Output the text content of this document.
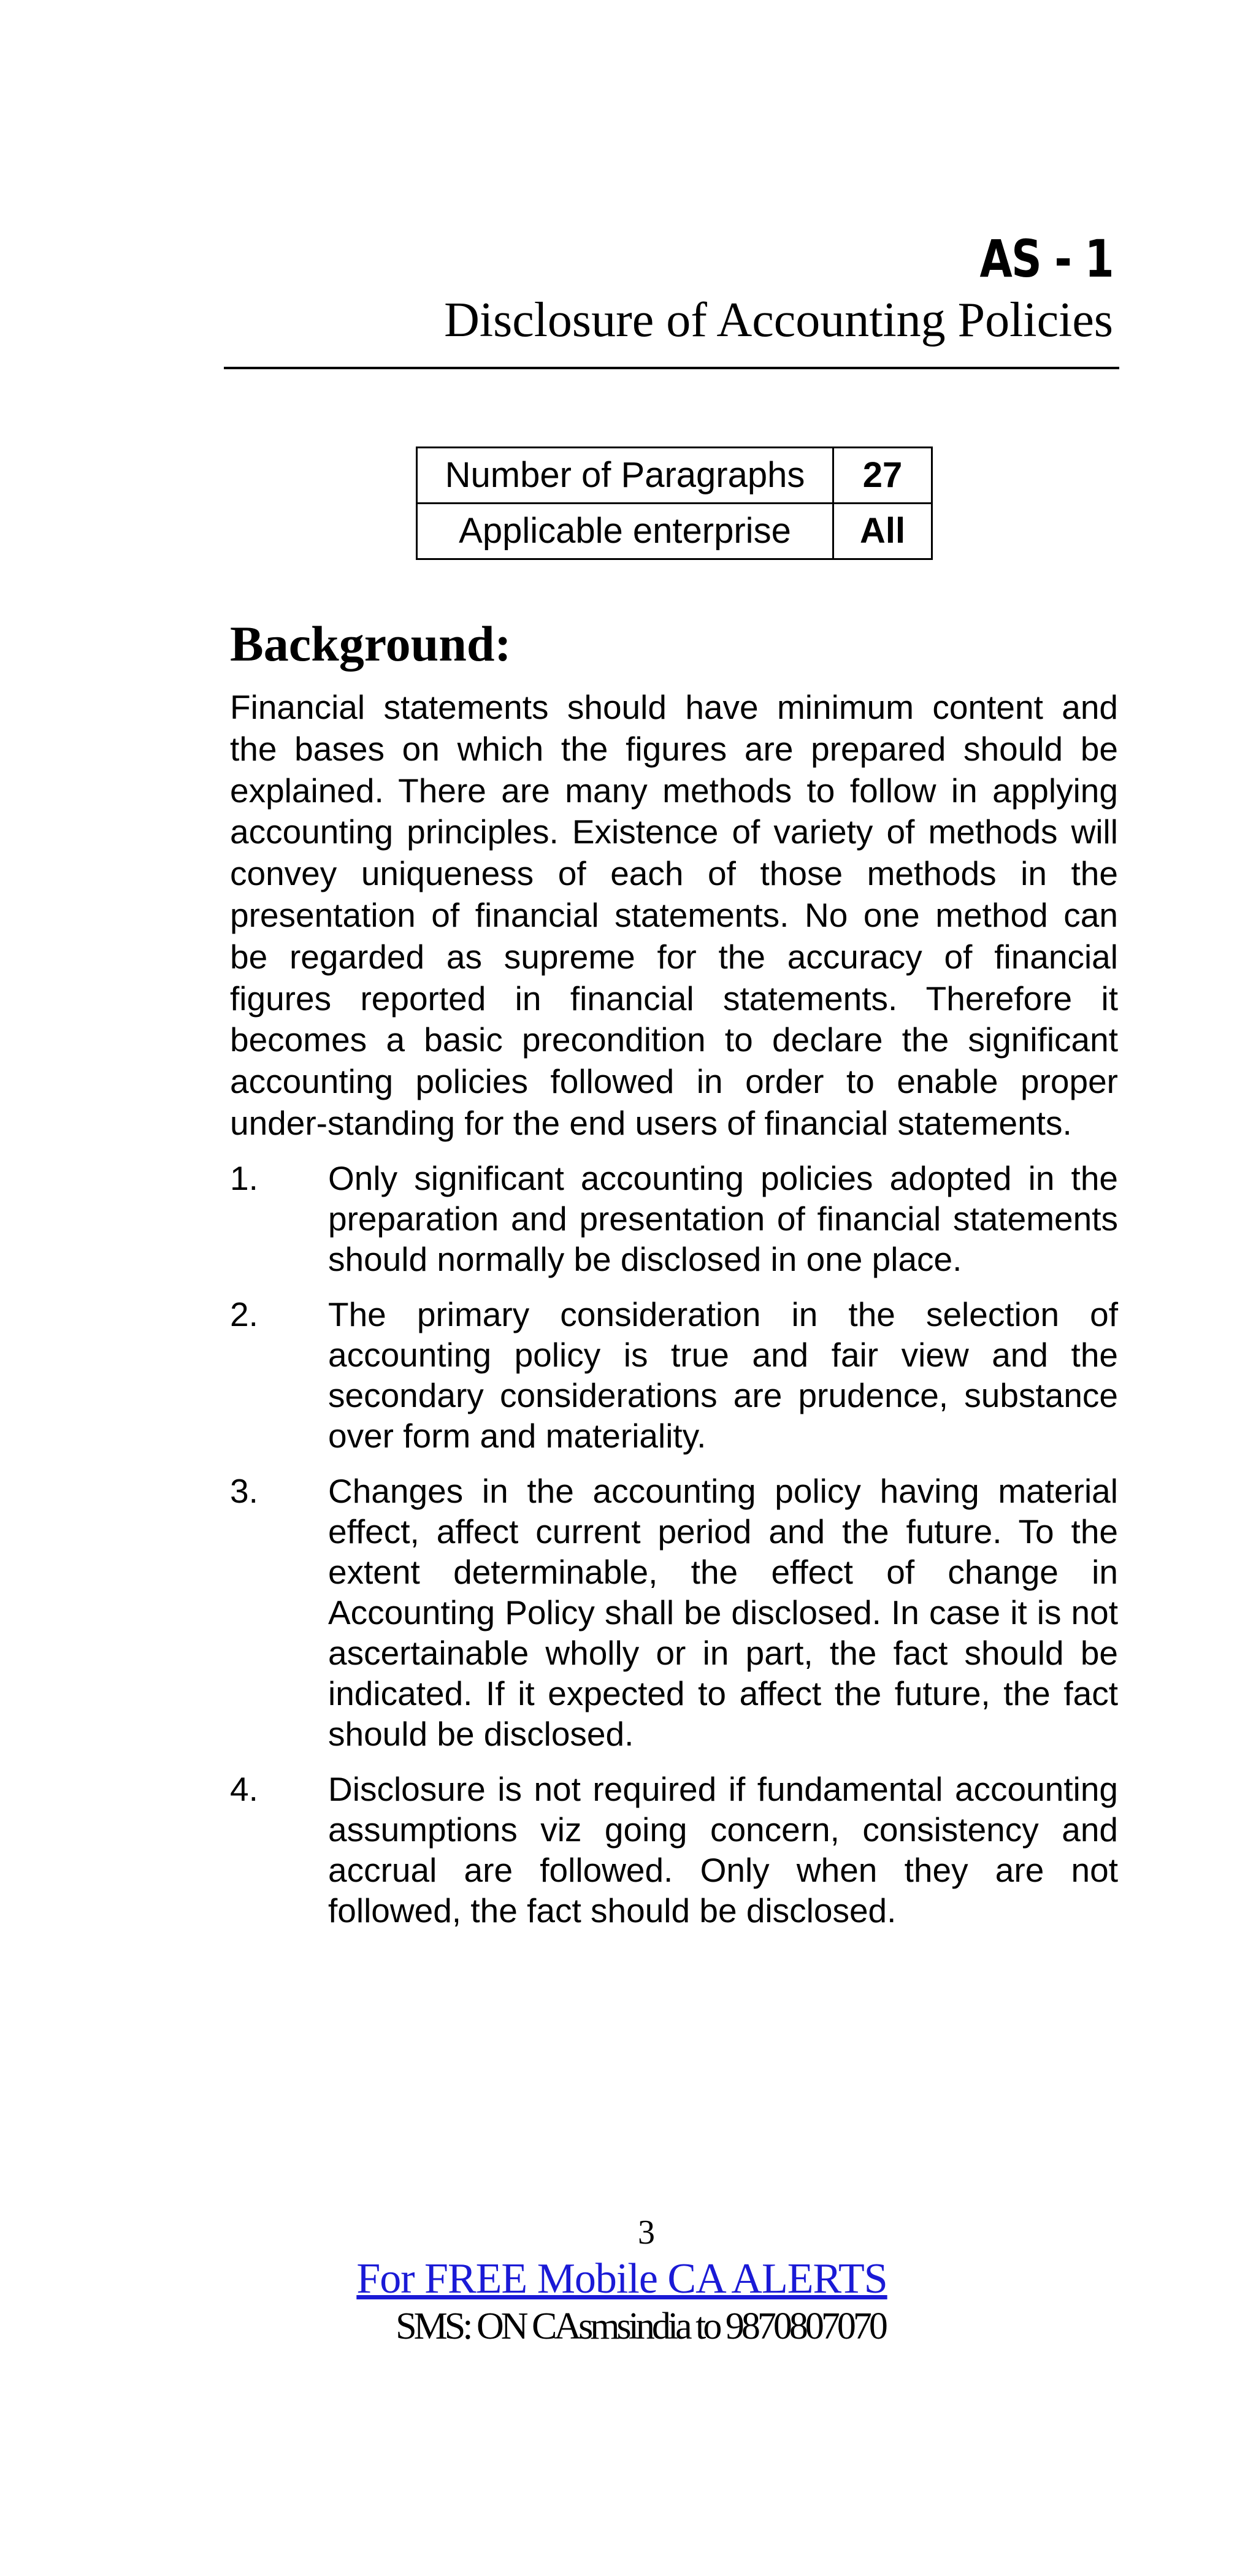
AS - 1
Disclosure of Accounting Policies
Number of Paragraphs	27
Applicable enterprise	All
Background:

Financial statements should have minimum content and the bases on which the figures are prepared should be explained. There are many methods to follow in applying accounting principles. Existence of variety of methods will convey uniqueness of each of those methods in the presentation of financial statements. No one method can be regarded as supreme for the accuracy of financial figures reported in financial statements. Therefore it becomes a basic precondition to declare the significant accounting policies followed in order to enable proper under-standing for the end users of financial statements.

1.	Only significant accounting policies adopted in the preparation and presentation of financial statements should normally be disclosed in one place.
2.	The primary consideration in the selection of accounting policy is true and fair view and the secondary considerations are prudence, substance over form and materiality.
3.	Changes in the accounting policy having material effect, affect current period and the future. To the extent determinable, the effect of change in Accounting Policy shall be disclosed. In case it is not ascertainable wholly or in part, the fact should be indicated. If it expected to affect the future, the fact should be disclosed.
4.	Disclosure is not required if fundamental accounting assumptions viz going concern, consistency and accrual are followed. Only when they are not followed, the fact should be disclosed.
3
For FREE Mobile CA ALERTS
SMS: ON CAsmsindia to 9870807070
